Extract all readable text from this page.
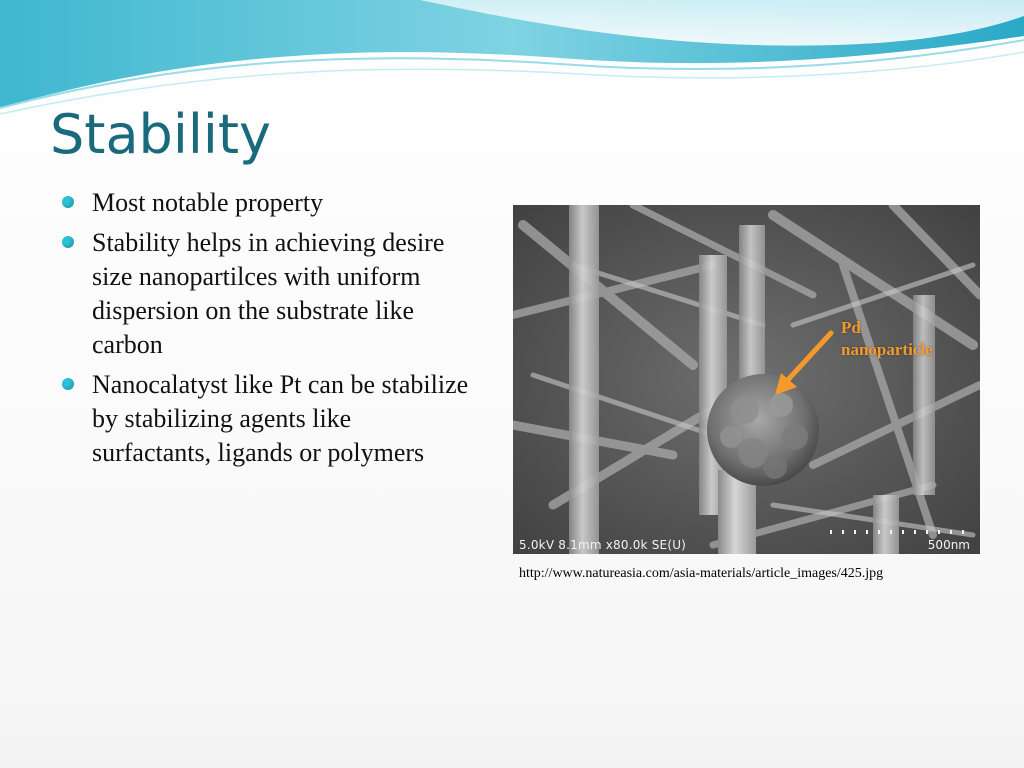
Stability
Most notable property
Stability helps in achieving desire size nanopartilces with uniform dispersion on the substrate like carbon
Nanocalatyst like Pt can be stabilize by stabilizing agents like surfactants, ligands or polymers
Pd
nanoparticle
5.0kV 8.1mm x80.0k SE(U)	500nm
http://www.natureasia.com/asia-materials/article_images/425.jpg
